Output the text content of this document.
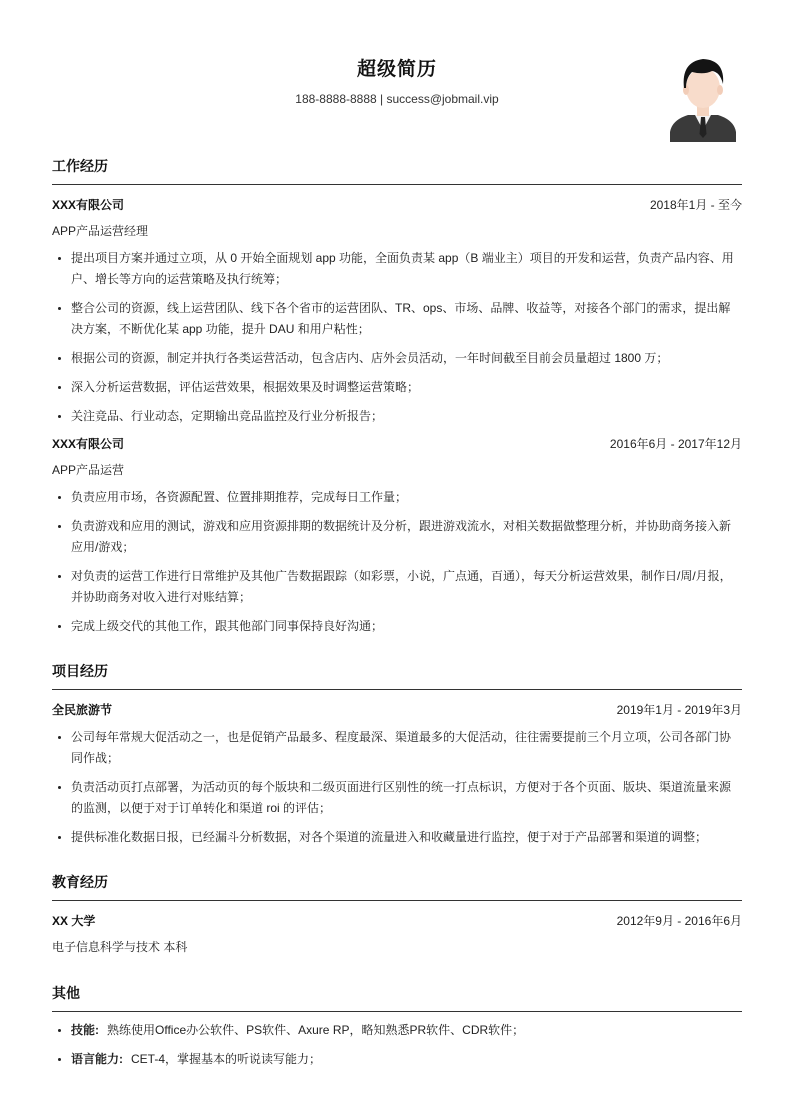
超级简历
188-8888-8888 | success@jobmail.vip
工作经历
XXX有限公司	2018年1月 - 至今
APP产品运营经理
• 提出项目方案并通过立项，从 0 开始全面规划 app 功能，全面负责某 app（B 端业主）项目的开发和运营，负责产品内容、用户、增长等方向的运营策略及执行统筹；
• 整合公司的资源，线上运营团队、线下各个省市的运营团队、TR、ops、市场、品牌、收益等，对接各个部门的需求，提出解决方案，不断优化某 app 功能，提升 DAU 和用户粘性；
• 根据公司的资源，制定并执行各类运营活动，包含店内、店外会员活动，一年时间截至目前会员量超过 1800 万；
• 深入分析运营数据，评估运营效果，根据效果及时调整运营策略；
• 关注竞品、行业动态，定期输出竞品监控及行业分析报告；
XXX有限公司	2016年6月 - 2017年12月
APP产品运营
• 负责应用市场，各资源配置、位置排期推荐，完成每日工作量；
• 负责游戏和应用的测试，游戏和应用资源排期的数据统计及分析，跟进游戏流水，对相关数据做整理分析，并协助商务接入新应用/游戏；
• 对负责的运营工作进行日常维护及其他广告数据跟踪（如彩票，小说，广点通，百通），每天分析运营效果，制作日/周/月报，并协助商务对收入进行对账结算；
• 完成上级交代的其他工作，跟其他部门同事保持良好沟通；
项目经历
全民旅游节	2019年1月 - 2019年3月
• 公司每年常规大促活动之一，也是促销产品最多、程度最深、渠道最多的大促活动，往往需要提前三个月立项，公司各部门协同作战；
• 负责活动页打点部署，为活动页的每个版块和二级页面进行区别性的统一打点标识，方便对于各个页面、版块、渠道流量来源的监测，以便于对于订单转化和渠道 roi 的评估；
• 提供标准化数据日报，已经漏斗分析数据，对各个渠道的流量进入和收藏量进行监控，便于对于产品部署和渠道的调整；
教育经历
XX 大学	2012年9月 - 2016年6月
电子信息科学与技术 本科
其他
• 技能: 熟练使用Office办公软件、PS软件、Axure RP，略知熟悉PR软件、CDR软件；
• 语言能力: CET-4，掌握基本的听说读写能力；
